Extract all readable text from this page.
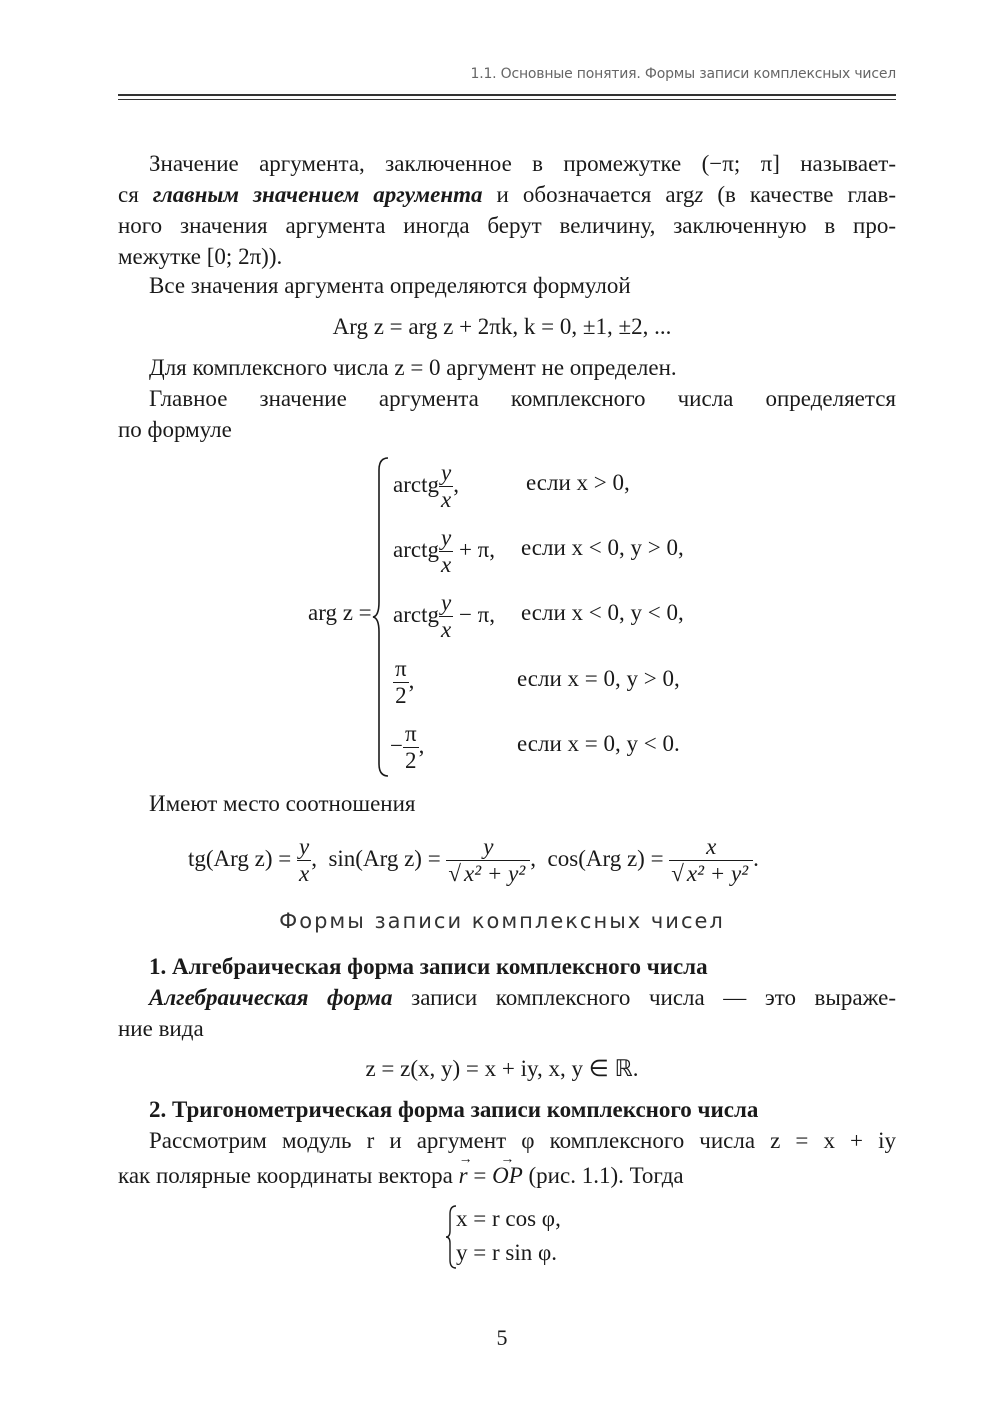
1.1. Основные понятия. Формы записи комплексных чисел
Значение аргумента, заключенное в промежутке (−π; π] называет-
ся главным значением аргумента и обозначается argz (в качестве глав-
ного значения аргумента иногда берут величину, заключенную в про-
межутке [0; 2π)).
Все значения аргумента определяются формулой
Arg z = arg z + 2πk, k = 0, ±1, ±2, ...
Для комплексного числа z = 0 аргумент не определен.
Главное значение аргумента комплексного числа определяется
по формуле
arg z =
arctg $\frac{y}{x}$ ,	если x > 0,
arctg $\frac{y}{x} + \pi$, если x < 0, y > 0,
arctg $\frac{y}{x} - \pi$, если x < 0, y < 0,
$\frac{\pi}{2}$ ,	если x = 0, y > 0,
− $\frac{\pi}{2}$ ,	если x = 0, y < 0.
Имеют место соотношения
tg(Arg $z) = \frac{y}{x}$ , sin(Arg $z) = \frac{y}{\text{√ x² + y²}}$ , cos(Arg $z) = \frac{x}{\text{√ x² + y²}}$ .
Формы записи комплексных чисел
1. Алгебраическая форма записи комплексного числа
Алгебраическая форма записи комплексного числа — это выраже-
ние вида
z = z(x, y) = x + iy, x, y ∈ ℝ.
2. Тригонометрическая форма записи комплексного числа
Рассмотрим модуль r и аргумент φ комплексного числа z = x + iy
как полярные координаты вектора → r = → OP (рис. 1.1). Тогда
x = r cos φ,
y = r sin φ.
5
